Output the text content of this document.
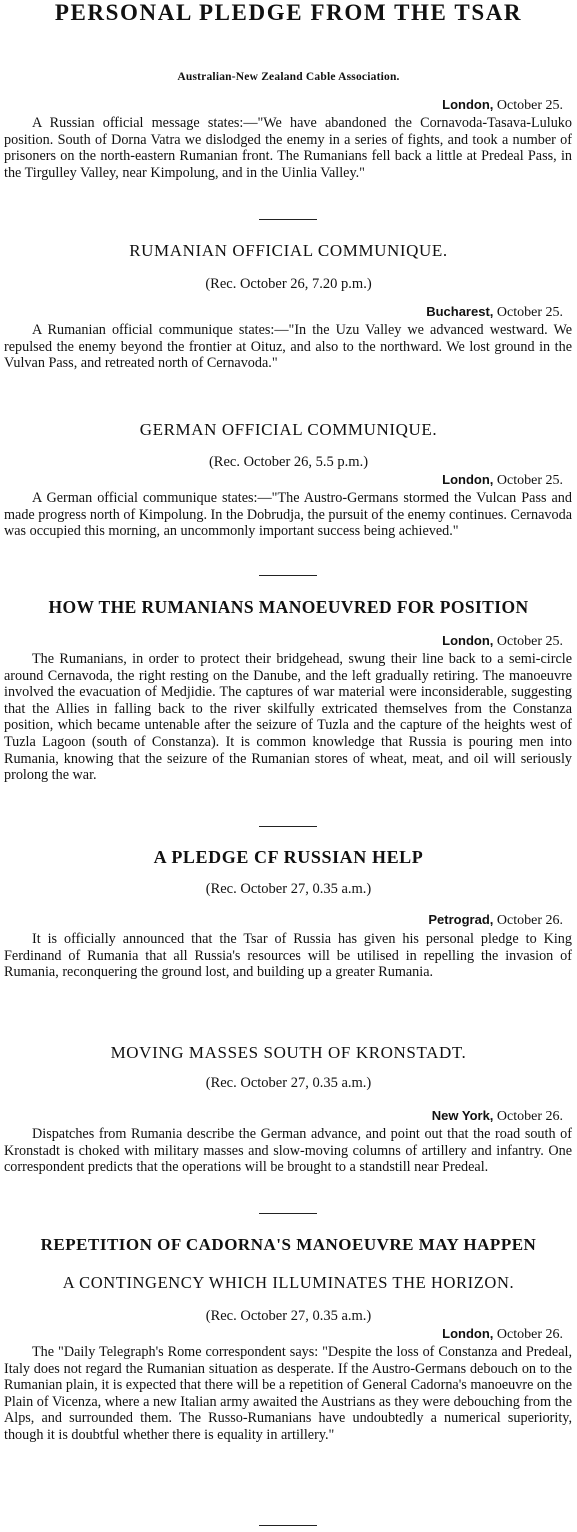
PERSONAL PLEDGE FROM THE TSAR
Australian-New Zealand Cable Association.
London, October 25.
A Russian official message states:—"We have abandoned the Cornavoda-Tasava-Luluko position. South of Dorna Vatra we dislodged the enemy in a series of fights, and took a number of prisoners on the north-eastern Rumanian front. The Rumanians fell back a little at Predeal Pass, in the Tirgulley Valley, near Kimpolung, and in the Uinlia Valley."
RUMANIAN OFFICIAL COMMUNIQUE.
(Rec. October 26, 7.20 p.m.)
Bucharest, October 25.
A Rumanian official communique states:—"In the Uzu Valley we advanced westward. We repulsed the enemy beyond the frontier at Oituz, and also to the northward. We lost ground in the Vulvan Pass, and retreated north of Cernavoda."
GERMAN OFFICIAL COMMUNIQUE.
(Rec. October 26, 5.5 p.m.)
London, October 25.
A German official communique states:—"The Austro-Germans stormed the Vulcan Pass and made progress north of Kimpolung. In the Dobrudja, the pursuit of the enemy continues. Cernavoda was occupied this morning, an uncommonly important success being achieved."
HOW THE RUMANIANS MANOEUVRED FOR POSITION
London, October 25.
The Rumanians, in order to protect their bridgehead, swung their line back to a semi-circle around Cernavoda, the right resting on the Danube, and the left gradually retiring. The manoeuvre involved the evacuation of Medjidie. The captures of war material were inconsiderable, suggesting that the Allies in falling back to the river skilfully extricated themselves from the Constanza position, which became untenable after the seizure of Tuzla and the capture of the heights west of Tuzla Lagoon (south of Constanza). It is common knowledge that Russia is pouring men into Rumania, knowing that the seizure of the Rumanian stores of wheat, meat, and oil will seriously prolong the war.
A PLEDGE CF RUSSIAN HELP
(Rec. October 27, 0.35 a.m.)
Petrograd, October 26.
It is officially announced that the Tsar of Russia has given his personal pledge to King Ferdinand of Rumania that all Russia's resources will be utilised in repelling the invasion of Rumania, reconquering the ground lost, and building up a greater Rumania.
MOVING MASSES SOUTH OF KRONSTADT.
(Rec. October 27, 0.35 a.m.)
New York, October 26.
Dispatches from Rumania describe the German advance, and point out that the road south of Kronstadt is choked with military masses and slow-moving columns of artillery and infantry. One correspondent predicts that the operations will be brought to a standstill near Predeal.
REPETITION OF CADORNA'S MANOEUVRE MAY HAPPEN
A CONTINGENCY WHICH ILLUMINATES THE HORIZON.
(Rec. October 27, 0.35 a.m.)
London, October 26.
The "Daily Telegraph's Rome correspondent says: "Despite the loss of Constanza and Predeal, Italy does not regard the Rumanian situation as desperate. If the Austro-Germans debouch on to the Rumanian plain, it is expected that there will be a repetition of General Cadorna's manoeuvre on the Plain of Vicenza, where a new Italian army awaited the Austrians as they were debouching from the Alps, and surrounded them. The Russo-Rumanians have undoubtedly a numerical superiority, though it is doubtful whether there is equality in artillery."
